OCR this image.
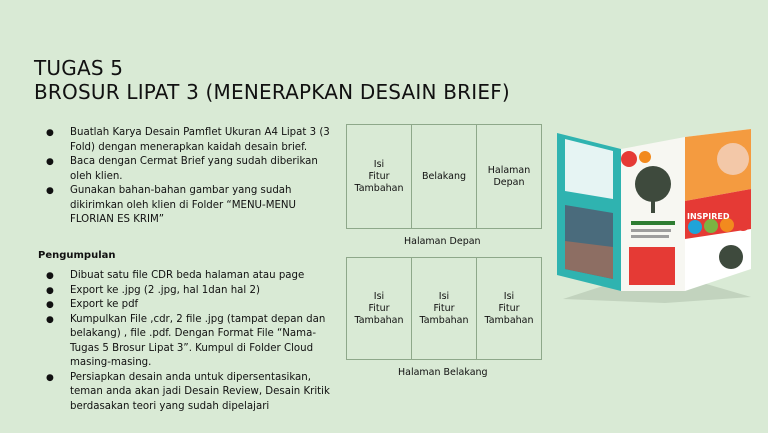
TUGAS 5
BROSUR LIPAT 3 (MENERAPKAN DESAIN BRIEF)
● Buatlah Karya Desain Pamflet Ukuran A4 Lipat 3 (3 Fold) dengan menerapkan kaidah desain brief.
● Baca dengan Cermat Brief yang sudah diberikan oleh klien.
● Gunakan bahan-bahan gambar yang sudah dikirimkan oleh klien di Folder “MENU-MENU FLORIAN ES KRIM”
Pengumpulan
● Dibuat satu file CDR beda halaman atau page
● Export ke .jpg (2 .jpg, hal 1dan hal 2)
● Export ke pdf
● Kumpulkan File ,cdr, 2 file .jpg (tampat depan dan belakang) , file .pdf. Dengan Format File “Nama-Tugas 5 Brosur Lipat 3”. Kumpul di Folder Cloud masing-masing.
● Persiapkan desain anda untuk dipersentasikan, teman anda akan jadi Desain Review, Desain Kritik berdasakan teori yang sudah dipelajari
Isi
Fitur
Tambahan
Belakang
Halaman
Depan
Halaman Depan
Isi
Fitur
Tambahan
Isi
Fitur
Tambahan
Isi
Fitur
Tambahan
Halaman Belakang
INSPIRED
